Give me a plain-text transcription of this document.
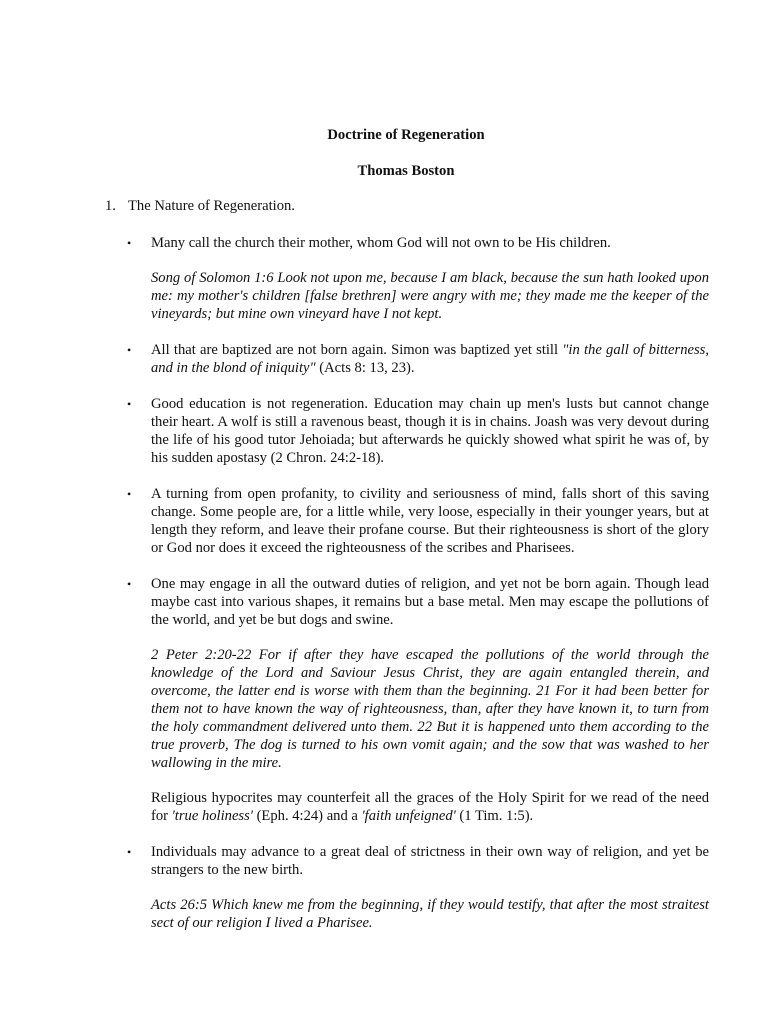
Doctrine of Regeneration

Thomas Boston

1. The Nature of Regeneration.

• Many call the church their mother, whom God will not own to be His children.

Song of Solomon 1:6 Look not upon me, because I am black, because the sun hath looked upon me: my mother's children [false brethren] were angry with me; they made me the keeper of the vineyards; but mine own vineyard have I not kept.

• All that are baptized are not born again. Simon was baptized yet still "in the gall of bitterness, and in the blond of iniquity" (Acts 8: 13, 23).

• Good education is not regeneration. Education may chain up men's lusts but cannot change their heart. A wolf is still a ravenous beast, though it is in chains. Joash was very devout during the life of his good tutor Jehoiada; but afterwards he quickly showed what spirit he was of, by his sudden apostasy (2 Chron. 24:2-18).

• A turning from open profanity, to civility and seriousness of mind, falls short of this saving change. Some people are, for a little while, very loose, especially in their younger years, but at length they reform, and leave their profane course. But their righteousness is short of the glory or God nor does it exceed the righteousness of the scribes and Pharisees.

• One may engage in all the outward duties of religion, and yet not be born again. Though lead maybe cast into various shapes, it remains but a base metal. Men may escape the pollutions of the world, and yet be but dogs and swine.

2 Peter 2:20-22 For if after they have escaped the pollutions of the world through the knowledge of the Lord and Saviour Jesus Christ, they are again entangled therein, and overcome, the latter end is worse with them than the beginning. 21 For it had been better for them not to have known the way of righteousness, than, after they have known it, to turn from the holy commandment delivered unto them. 22 But it is happened unto them according to the true proverb, The dog is turned to his own vomit again; and the sow that was washed to her wallowing in the mire.

Religious hypocrites may counterfeit all the graces of the Holy Spirit for we read of the need for 'true holiness' (Eph. 4:24) and a 'faith unfeigned' (1 Tim. 1:5).

• Individuals may advance to a great deal of strictness in their own way of religion, and yet be strangers to the new birth.

Acts 26:5 Which knew me from the beginning, if they would testify, that after the most straitest sect of our religion I lived a Pharisee.
